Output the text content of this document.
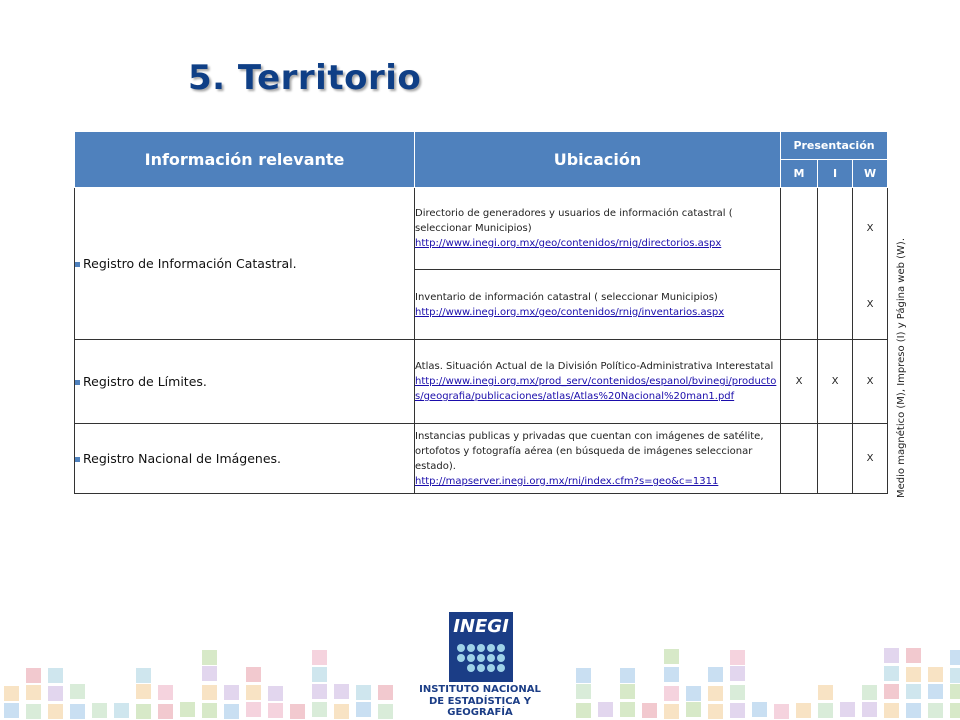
5. Territorio
Información relevante	Ubicación	Presentación		
		M	I	W
Registro de Información Catastral.	Directorio de generadores y usuarios de información catastral ( seleccionar Municipios)
http://www.inegi.org.mx/geo/contenidos/rnig/directorios.aspx			X
	Inventario de información catastral ( seleccionar Municipios)
http://www.inegi.org.mx/geo/contenidos/rnig/inventarios.aspx			X
Registro de Límites.	Atlas. Situación Actual de la División Político-Administrativa Interestatal
http://www.inegi.org.mx/prod_serv/contenidos/espanol/bvinegi/productos/geografia/publicaciones/atlas/Atlas%20Nacional%20man1.pdf	X	X	X
Registro Nacional de Imágenes.	Instancias publicas y privadas que cuentan con imágenes de satélite, ortofotos y fotografía aérea (en búsqueda de imágenes seleccionar estado).
http://mapserver.inegi.org.mx/rni/index.cfm?s=geo&c=1311			X Medio magnético (M), Impreso (I) y Página web (W).
INEGI
INSTITUTO NACIONAL
DE ESTADÍSTICA Y GEOGRAFÍA
